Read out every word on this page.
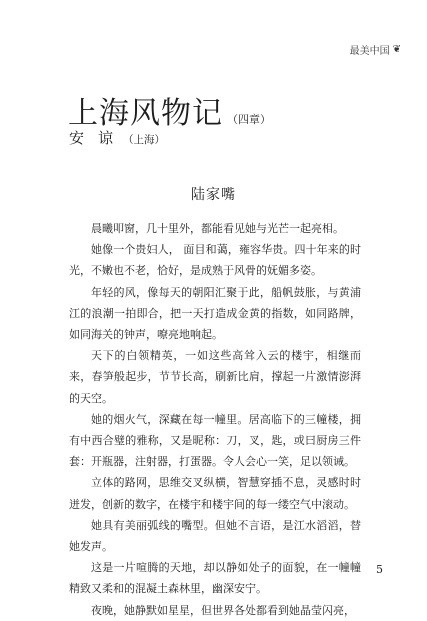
最美中国 ❦
上海风物记 （四章）
安谅
（上海）
陆家嘴

晨曦叩窗，几十里外，都能看见她与光芒一起亮相。

她像一个贵妇人， 面目和蔼，雍容华贵。四十年来的时光，不嫩也不老，恰好，是成熟于风骨的妩媚多姿。

年轻的风，像每天的朝阳汇聚于此，船帆鼓胀，与黄浦江的浪潮一拍即合，把一天打造成金黄的指数，如同路牌，如同海关的钟声，嘹亮地响起。

天下的白领精英，一如这些高耸入云的楼宇，相继而来，春笋般起步，节节长高，刷新比肩，撑起一片激情澎湃的天空。

她的烟火气，深藏在每一幢里。居高临下的三幢楼，拥有中西合璧的雅称，又是昵称：刀，叉，匙，或曰厨房三件套：开瓶器，注射器，打蛋器。令人会心一笑，足以领诫。

立体的路网，思维交叉纵横，智慧穿插不息，灵感时时迸发，创新的数字，在楼宇和楼宇间的每一缕空气中滚动。

她具有美丽弧线的嘴型。但她不言语，是江水滔滔，替她发声。

这是一片喧腾的天地，却以静如处子的面貌，在一幢幢精致又柔和的混凝土森林里，幽深安宁。

夜晚，她静默如星星，但世界各处都看到她晶莹闪亮，

5
